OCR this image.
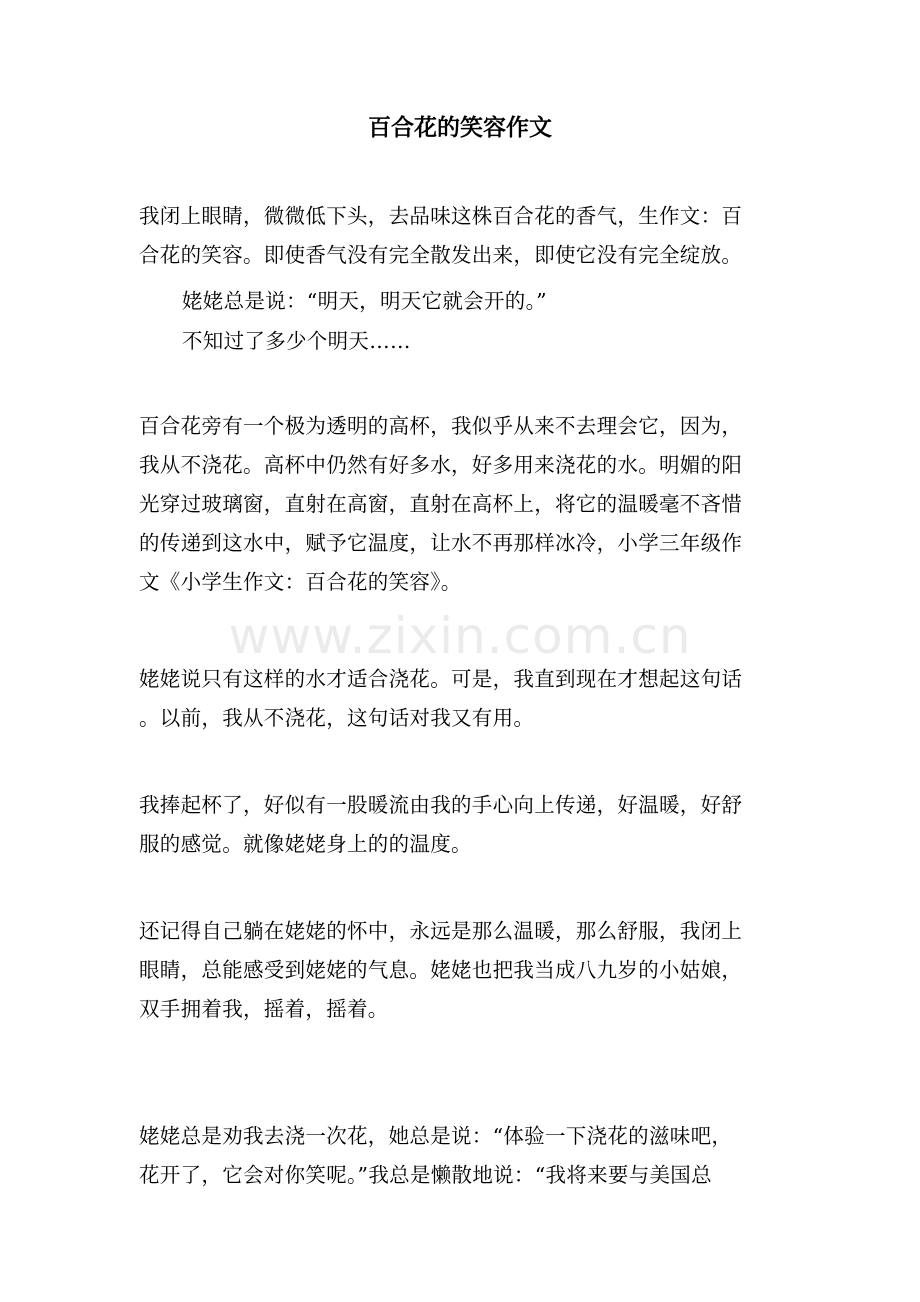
百合花的笑容作文

我闭上眼睛，微微低下头，去品味这株百合花的香气，生作文：百
合花的笑容。即使香气没有完全散发出来，即使它没有完全绽放。

姥姥总是说：“明天，明天它就会开的。”

不知过了多少个明天……

百合花旁有一个极为透明的高杯，我似乎从来不去理会它，因为，
我从不浇花。高杯中仍然有好多水，好多用来浇花的水。明媚的阳
光穿过玻璃窗，直射在高窗，直射在高杯上，将它的温暖毫不吝惜
的传递到这水中，赋予它温度，让水不再那样冰冷，小学三年级作
文《小学生作文：百合花的笑容》。

www.zixin.com.cn

姥姥说只有这样的水才适合浇花。可是，我直到现在才想起这句话
。以前，我从不浇花，这句话对我又有用。

我捧起杯了，好似有一股暖流由我的手心向上传递，好温暖，好舒
服的感觉。就像姥姥身上的的温度。

还记得自己躺在姥姥的怀中，永远是那么温暖，那么舒服，我闭上
眼睛，总能感受到姥姥的气息。姥姥也把我当成八九岁的小姑娘，
双手拥着我，摇着，摇着。

姥姥总是劝我去浇一次花，她总是说：“体验一下浇花的滋味吧，
花开了，它会对你笑呢。”我总是懒散地说：“我将来要与美国总
